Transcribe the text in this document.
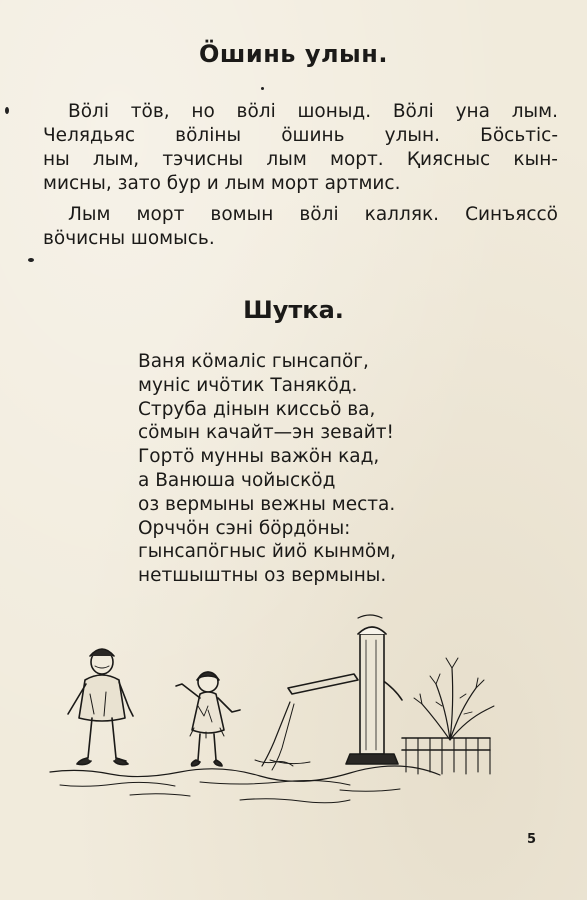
Ӧшинь улын.
Вӧлі тӧв, но вӧлі шоныд. Вӧлі уна лым.
Челядьяс вӧліны ӧшинь улын. Бӧсьтіс-
ны лым, тэчисны лым морт. Қиясныс кын-
мисны, зато бур и лым морт артмис.
Лым морт вомын вӧлі калляк. Синъяссӧ
вӧчисны шомысь.
Шутка.
Ваня кӧмаліс гынсапӧг,
муніс ичӧтик Танякӧд.
Струба дінын киссьӧ ва,
сӧмын качайт—эн зевайт!
Гортӧ мунны важӧн кад,
а Ванюша чойыскӧд
оз вермыны вежны места.
Орччӧн сэні бӧрдӧны:
гынсапӧгныс йиӧ кынмӧм,
нетшыштны оз вермыны.
5
